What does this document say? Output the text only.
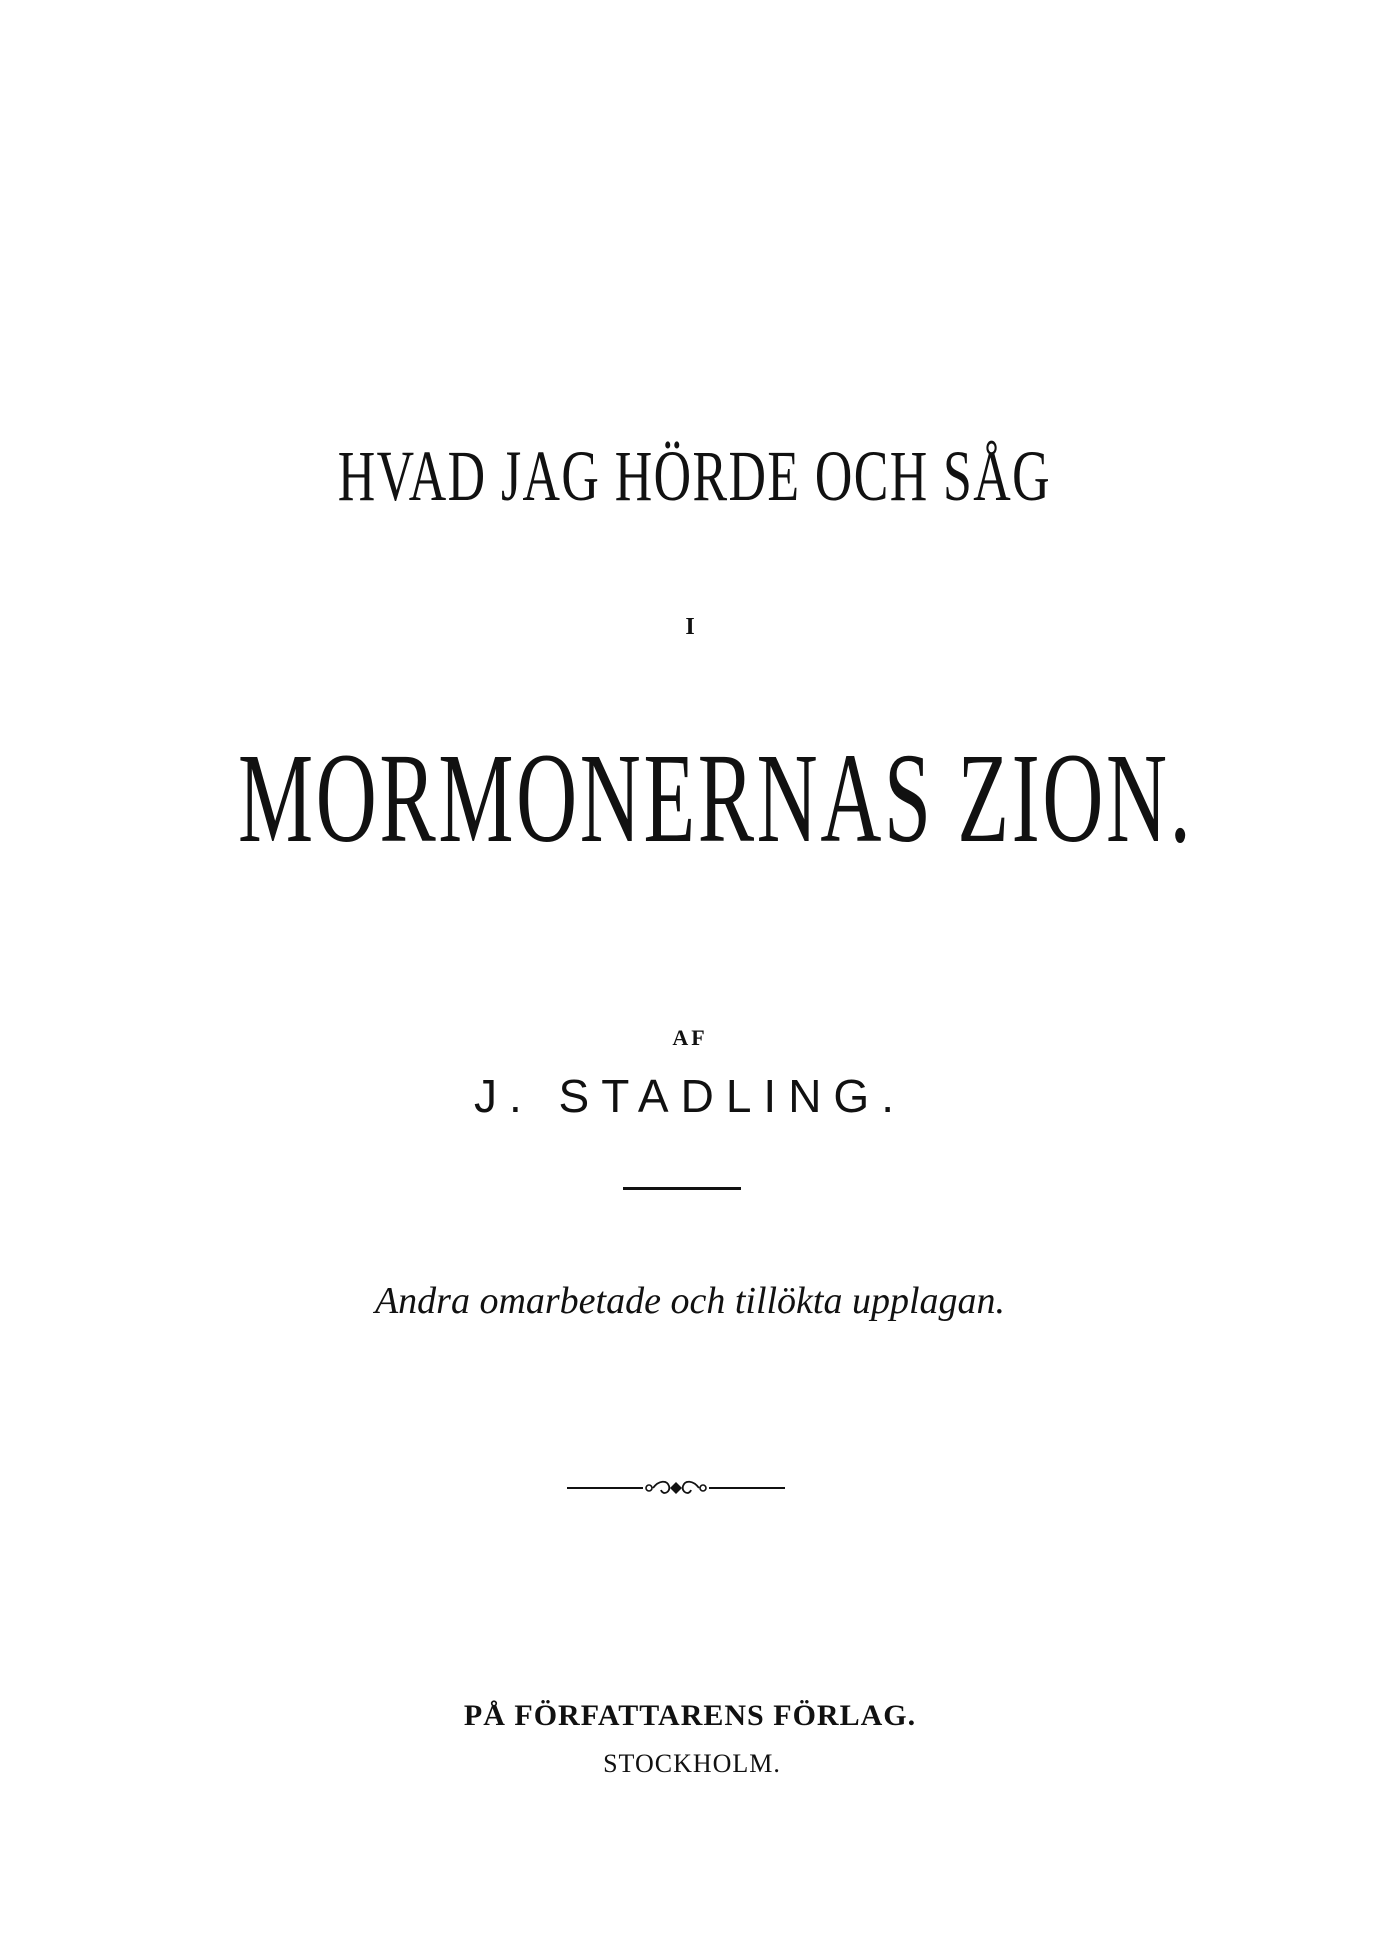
HVAD JAG HÖRDE OCH SÅG
I
MORMONERNAS ZION.
AF
J. STADLING.
Andra omarbetade och tillökta upplagan.
PÅ FÖRFATTARENS FÖRLAG.
STOCKHOLM.
